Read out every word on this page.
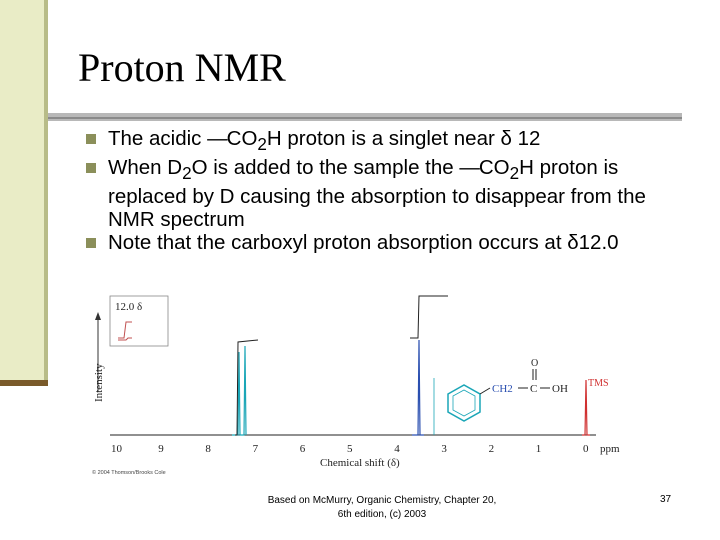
Proton NMR
The acidic $—CO_2H$ proton is a singlet near δ 12
When $D_2O$ is added to the sample the $—CO_2H$ proton is replaced by D causing the absorption to disappear from the NMR spectrum
Note that the carboxyl proton absorption occurs at δ12.0
12.0 δ
Intensity
10	9	8	7	6	5	4	3	2	1	0 ppm
Chemical shift (δ)
© 2004 Thomson/Brooks Cole
TMS
CH2 C
O
OH
Based on McMurry, Organic Chemistry, Chapter 20, 6th edition, (c) 2003
37
